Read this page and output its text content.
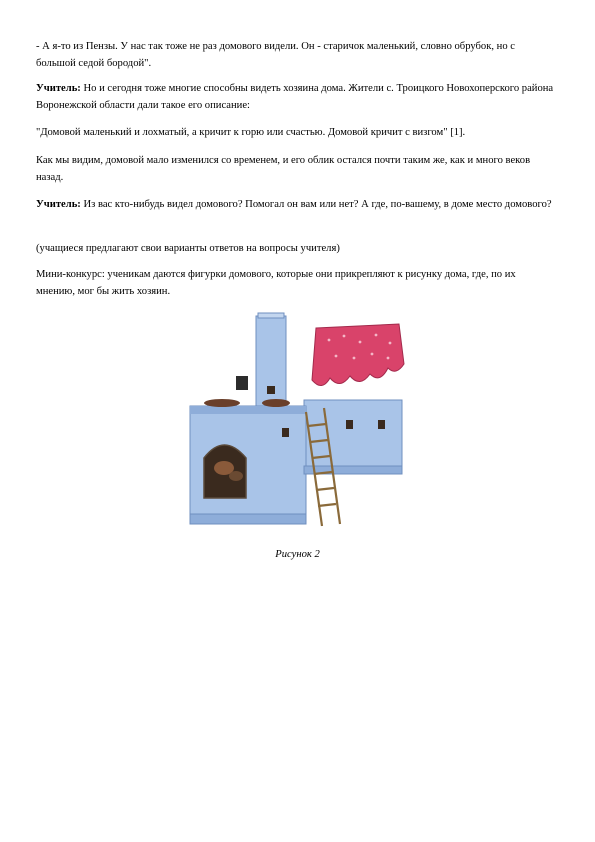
- А я-то из Пензы. У нас так тоже не раз домового видели. Он - старичок маленький, словно обрубок, но с большой седой бородой".

Учитель: Но и сегодня тоже многие способны видеть хозяина дома. Жители с. Троицкого Новохоперского района Воронежской области дали такое его описание:

"Домовой маленький и лохматый, а кричит к горю или счастью. Домовой кричит с визгом" [1].

Как мы видим, домовой мало изменился со временем, и его облик остался почти таким же, как и много веков назад.

Учитель: Из вас кто-нибудь видел домового? Помогал он вам или нет? А где, по-вашему, в доме место домового?

(учащиеся предлагают свои варианты ответов на вопросы учителя)

Мини-конкурс: ученикам даются фигурки домового, которые они прикрепляют к рисунку дома, где, по их мнению, мог бы жить хозяин.

Рисунок 2
